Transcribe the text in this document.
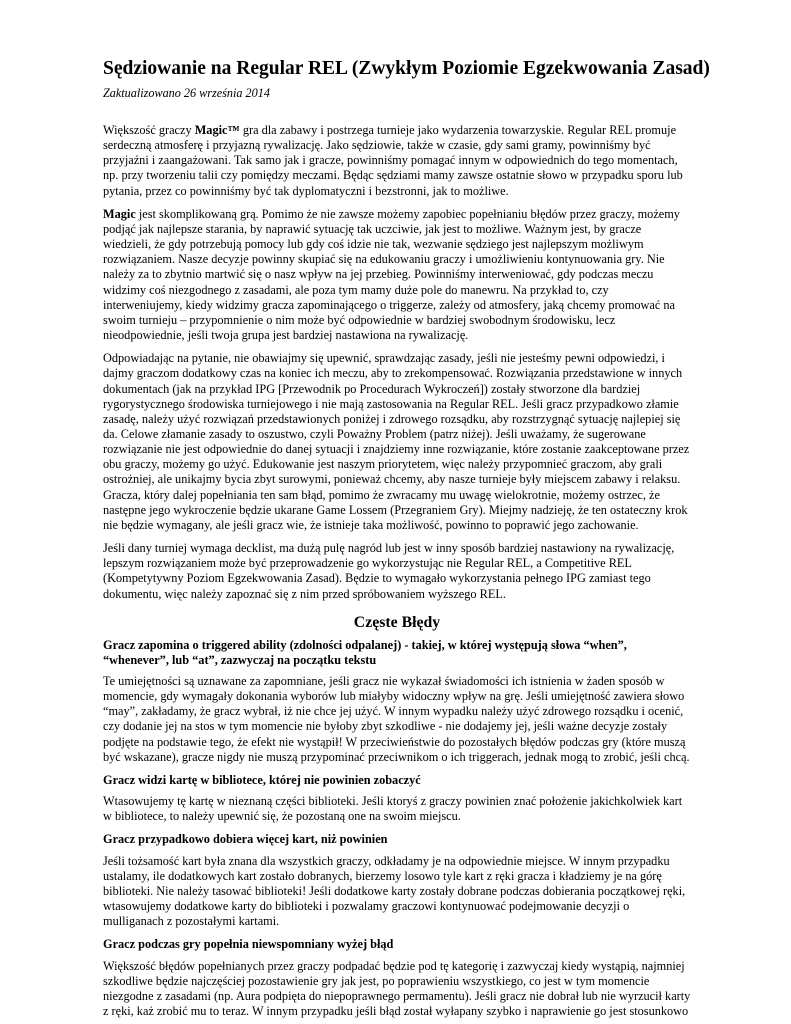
Sędziowanie na Regular REL (Zwykłym Poziomie Egzekwowania Zasad)
Zaktualizowano 26 września 2014

Większość graczy Magic™ gra dla zabawy i postrzega turnieje jako wydarzenia towarzyskie. Regular REL promuje serdeczną atmosferę i przyjazną rywalizację. Jako sędziowie, także w czasie, gdy sami gramy, powinniśmy być przyjaźni i zaangażowani. Tak samo jak i gracze, powinniśmy pomagać innym w odpowiednich do tego momentach, np. przy tworzeniu talii czy pomiędzy meczami. Będąc sędziami mamy zawsze ostatnie słowo w przypadku sporu lub pytania, przez co powinniśmy być tak dyplomatyczni i bezstronni, jak to możliwe.

Magic jest skomplikowaną grą. Pomimo że nie zawsze możemy zapobiec popełnianiu błędów przez graczy, możemy podjąć jak najlepsze starania, by naprawić sytuację tak uczciwie, jak jest to możliwe. Ważnym jest, by gracze wiedzieli, że gdy potrzebują pomocy lub gdy coś idzie nie tak, wezwanie sędziego jest najlepszym możliwym rozwiązaniem. Nasze decyzje powinny skupiać się na edukowaniu graczy i umożliwieniu kontynuowania gry. Nie należy za to zbytnio martwić się o nasz wpływ na jej przebieg. Powinniśmy interweniować, gdy podczas meczu widzimy coś niezgodnego z zasadami, ale poza tym mamy duże pole do manewru. Na przykład to, czy interweniujemy, kiedy widzimy gracza zapominającego o triggerze, zależy od atmosfery, jaką chcemy promować na swoim turnieju – przypomnienie o nim może być odpowiednie w bardziej swobodnym środowisku, lecz nieodpowiednie, jeśli twoja grupa jest bardziej nastawiona na rywalizację.

Odpowiadając na pytanie, nie obawiajmy się upewnić, sprawdzając zasady, jeśli nie jesteśmy pewni odpowiedzi, i dajmy graczom dodatkowy czas na koniec ich meczu, aby to zrekompensować. Rozwiązania przedstawione w innych dokumentach (jak na przykład IPG [Przewodnik po Procedurach Wykroczeń]) zostały stworzone dla bardziej rygorystycznego środowiska turniejowego i nie mają zastosowania na Regular REL. Jeśli gracz przypadkowo złamie zasadę, należy użyć rozwiązań przedstawionych poniżej i zdrowego rozsądku, aby rozstrzygnąć sytuację najlepiej się da. Celowe złamanie zasady to oszustwo, czyli Poważny Problem (patrz niżej). Jeśli uważamy, że sugerowane rozwiązanie nie jest odpowiednie do danej sytuacji i znajdziemy inne rozwiązanie, które zostanie zaakceptowane przez obu graczy, możemy go użyć. Edukowanie jest naszym priorytetem, więc należy przypomnieć graczom, aby grali ostrożniej, ale unikajmy bycia zbyt surowymi, ponieważ chcemy, aby nasze turnieje były miejscem zabawy i relaksu. Gracza, który dalej popełniania ten sam błąd, pomimo że zwracamy mu uwagę wielokrotnie, możemy ostrzec, że następne jego wykroczenie będzie ukarane Game Lossem (Przegraniem Gry). Miejmy nadzieję, że ten ostateczny krok nie będzie wymagany, ale jeśli gracz wie, że istnieje taka możliwość, powinno to poprawić jego zachowanie.

Jeśli dany turniej wymaga decklist, ma dużą pulę nagród lub jest w inny sposób bardziej nastawiony na rywalizację, lepszym rozwiązaniem może być przeprowadzenie go wykorzystując nie Regular REL, a Competitive REL (Kompetytywny Poziom Egzekwowania Zasad). Będzie to wymagało wykorzystania pełnego IPG zamiast tego dokumentu, więc należy zapoznać się z nim przed spróbowaniem wyższego REL.

Częste Błędy
Gracz zapomina o triggered ability (zdolności odpalanej) - takiej, w której występują słowa “when”, “whenever”, lub “at”, zazwyczaj na początku tekstu

Te umiejętności są uznawane za zapomniane, jeśli gracz nie wykazał świadomości ich istnienia w żaden sposób w momencie, gdy wymagały dokonania wyborów lub miałyby widoczny wpływ na grę. Jeśli umiejętność zawiera słowo “may”, zakładamy, że gracz wybrał, iż nie chce jej użyć. W innym wypadku należy użyć zdrowego rozsądku i ocenić, czy dodanie jej na stos w tym momencie nie byłoby zbyt szkodliwe - nie dodajemy jej, jeśli ważne decyzje zostały podjęte na podstawie tego, że efekt nie wystąpił! W przeciwieństwie do pozostałych błędów podczas gry (które muszą być wskazane), gracze nigdy nie muszą przypominać przeciwnikom o ich triggerach, jednak mogą to zrobić, jeśli chcą.

Gracz widzi kartę w bibliotece, której nie powinien zobaczyć

Wtasowujemy tę kartę w nieznaną części biblioteki. Jeśli ktoryś z graczy powinien znać położenie jakichkolwiek kart w bibliotece, to należy upewnić się, że pozostaną one na swoim miejscu.

Gracz przypadkowo dobiera więcej kart, niż powinien

Jeśli tożsamość kart była znana dla wszystkich graczy, odkładamy je na odpowiednie miejsce. W innym przypadku ustalamy, ile dodatkowych kart zostało dobranych, bierzemy losowo tyle kart z ręki gracza i kładziemy je na górę biblioteki. Nie należy tasować biblioteki! Jeśli dodatkowe karty zostały dobrane podczas dobierania początkowej ręki, wtasowujemy dodatkowe karty do biblioteki i pozwalamy graczowi kontynuować podejmowanie decyzji o mulliganach z pozostałymi kartami.

Gracz podczas gry popełnia niewspomniany wyżej błąd

Większość błędów popełnianych przez graczy podpadać będzie pod tę kategorię i zazwyczaj kiedy wystąpią, najmniej szkodliwe będzie najczęściej pozostawienie gry jak jest, po poprawieniu wszystkiego, co jest w tym momencie niezgodne z zasadami (np. Aura podpięta do niepoprawnego permamentu). Jeśli gracz nie dobrał lub nie wyrzucił karty z ręki, każ zrobić mu to teraz. W innym przypadku jeśli błąd został wyłapany szybko i naprawienie go jest stosunkowo
